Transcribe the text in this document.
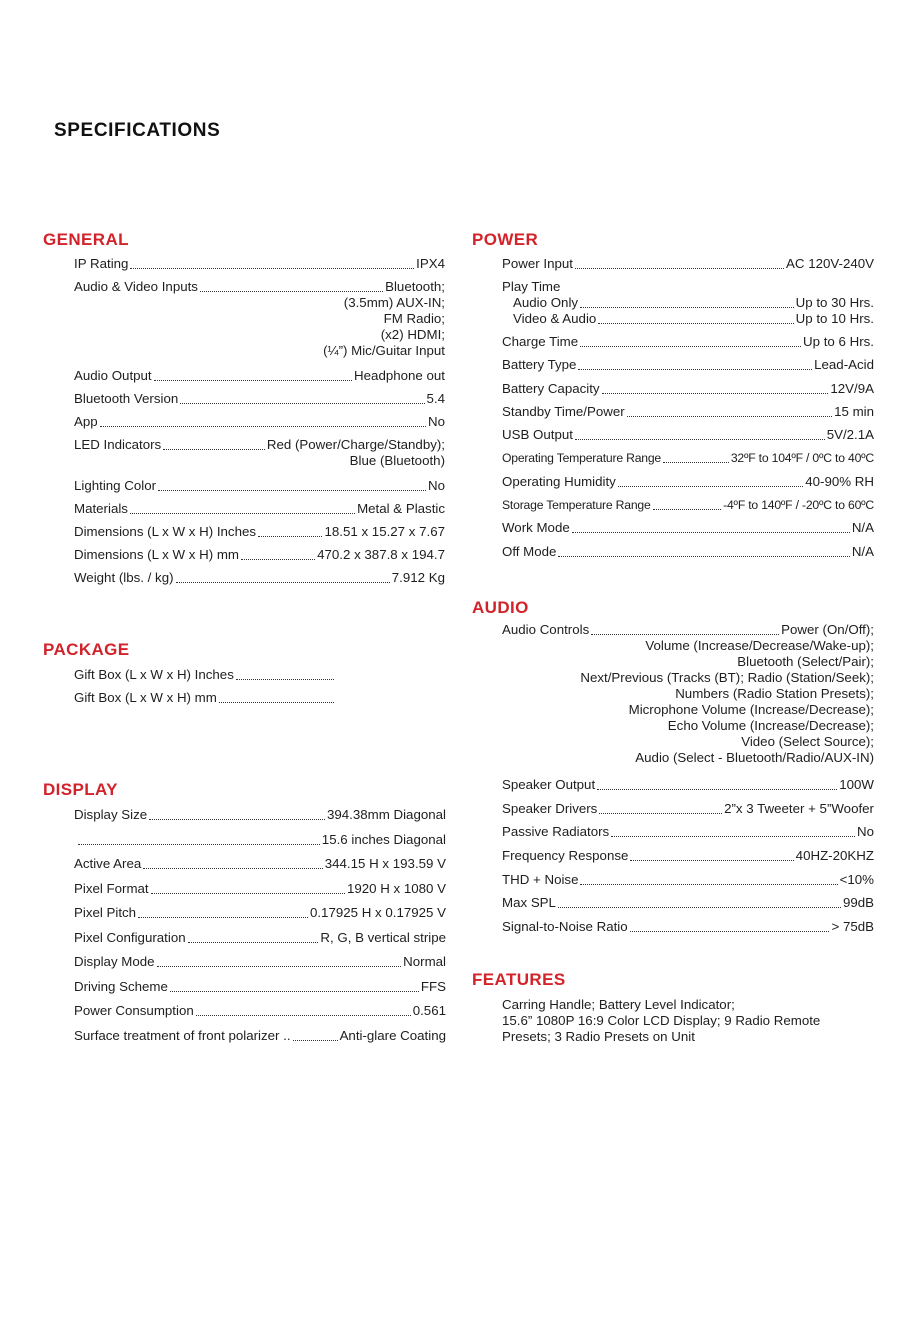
SPECIFICATIONS
GENERAL
IP Rating	IPX4
Audio & Video Inputs	Bluetooth;
(3.5mm) AUX-IN;
FM Radio;
(x2) HDMI;
(¼”) Mic/Guitar Input
Audio Output	Headphone out
Bluetooth Version	5.4
App	No
LED Indicators	Red (Power/Charge/Standby);
Blue (Bluetooth)
Lighting Color	No
Materials	Metal & Plastic
Dimensions (L x W x H) Inches	18.51 x 15.27 x 7.67
Dimensions (L x W x H) mm	470.2 x 387.8 x 194.7
Weight (lbs. / kg)	7.912 Kg
PACKAGE
Gift Box (L x W x H) Inches
Gift Box (L x W x H) mm
DISPLAY
Display Size	394.38mm Diagonal
15.6 inches Diagonal
Active Area	344.15 H x 193.59 V
Pixel Format	1920 H x 1080 V
Pixel Pitch	0.17925 H x 0.17925 V
Pixel Configuration	R, G, B vertical stripe
Display Mode	Normal
Driving Scheme	FFS
Power Consumption	0.561
Surface treatment of front polarizer ..	Anti-glare Coating
POWER
Power Input	AC 120V-240V
Play Time
Audio Only	Up to 30 Hrs.
Video & Audio	Up to 10 Hrs.
Charge Time	Up to 6 Hrs.
Battery Type	Lead-Acid
Battery Capacity	12V/9A
Standby Time/Power	15 min
USB Output	5V/2.1A
Operating Temperature Range	32ºF to 104ºF / 0ºC to 40ºC
Operating Humidity	40-90% RH
Storage Temperature Range	-4ºF to 140ºF / -20ºC to 60ºC
Work Mode	N/A
Off Mode	N/A
AUDIO
Audio Controls	Power (On/Off);
Volume (Increase/Decrease/Wake-up);
Bluetooth (Select/Pair);
Next/Previous (Tracks (BT); Radio (Station/Seek);
Numbers (Radio Station Presets);
Microphone Volume (Increase/Decrease);
Echo Volume (Increase/Decrease);
Video (Select Source);
Audio (Select - Bluetooth/Radio/AUX-IN)
Speaker Output	100W
Speaker Drivers	2”x 3 Tweeter + 5”Woofer
Passive Radiators	No
Frequency Response	40HZ-20KHZ
THD + Noise	<10%
Max SPL	99dB
Signal-to-Noise Ratio	> 75dB
FEATURES
Carring Handle; Battery Level Indicator;
15.6” 1080P 16:9 Color LCD Display; 9 Radio Remote
Presets; 3 Radio Presets on Unit
